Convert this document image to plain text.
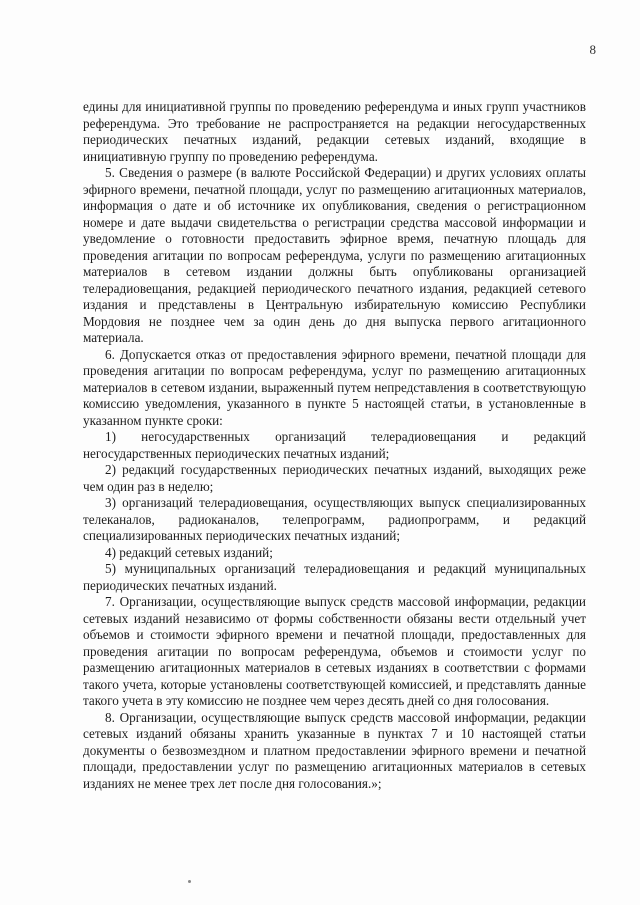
8

едины для инициативной группы по проведению референдума и иных групп участников референдума. Это требование не распространяется на редакции негосударственных периодических печатных изданий, редакции сетевых изданий, входящие в инициативную группу по проведению референдума.

5. Сведения о размере (в валюте Российской Федерации) и других условиях оплаты эфирного времени, печатной площади, услуг по размещению агитационных материалов, информация о дате и об источнике их опубликования, сведения о регистрационном номере и дате выдачи свидетельства о регистрации средства массовой информации и уведомление о готовности предоставить эфирное время, печатную площадь для проведения агитации по вопросам референдума, услуги по размещению агитационных материалов в сетевом издании должны быть опубликованы организацией телерадиовещания, редакцией периодического печатного издания, редакцией сетевого издания и представлены в Центральную избирательную комиссию Республики Мордовия не позднее чем за один день до дня выпуска первого агитационного материала.

6. Допускается отказ от предоставления эфирного времени, печатной площади для проведения агитации по вопросам референдума, услуг по размещению агитационных материалов в сетевом издании, выраженный путем непредставления в соответствующую комиссию уведомления, указанного в пункте 5 настоящей статьи, в установленные в указанном пункте сроки:

1) негосударственных организаций телерадиовещания и редакций негосударственных периодических печатных изданий;

2) редакций государственных периодических печатных изданий, выходящих реже чем один раз в неделю;

3) организаций телерадиовещания, осуществляющих выпуск специализированных телеканалов, радиоканалов, телепрограмм, радиопрограмм, и редакций специализированных периодических печатных изданий;

4) редакций сетевых изданий;

5) муниципальных организаций телерадиовещания и редакций муниципальных периодических печатных изданий.

7. Организации, осуществляющие выпуск средств массовой информации, редакции сетевых изданий независимо от формы собственности обязаны вести отдельный учет объемов и стоимости эфирного времени и печатной площади, предоставленных для проведения агитации по вопросам референдума, объемов и стоимости услуг по размещению агитационных материалов в сетевых изданиях в соответствии с формами такого учета, которые установлены соответствующей комиссией, и представлять данные такого учета в эту комиссию не позднее чем через десять дней со дня голосования.

8. Организации, осуществляющие выпуск средств массовой информации, редакции сетевых изданий обязаны хранить указанные в пунктах 7 и 10 настоящей статьи документы о безвозмездном и платном предоставлении эфирного времени и печатной площади, предоставлении услуг по размещению агитационных материалов в сетевых изданиях не менее трех лет после дня голосования.»;
